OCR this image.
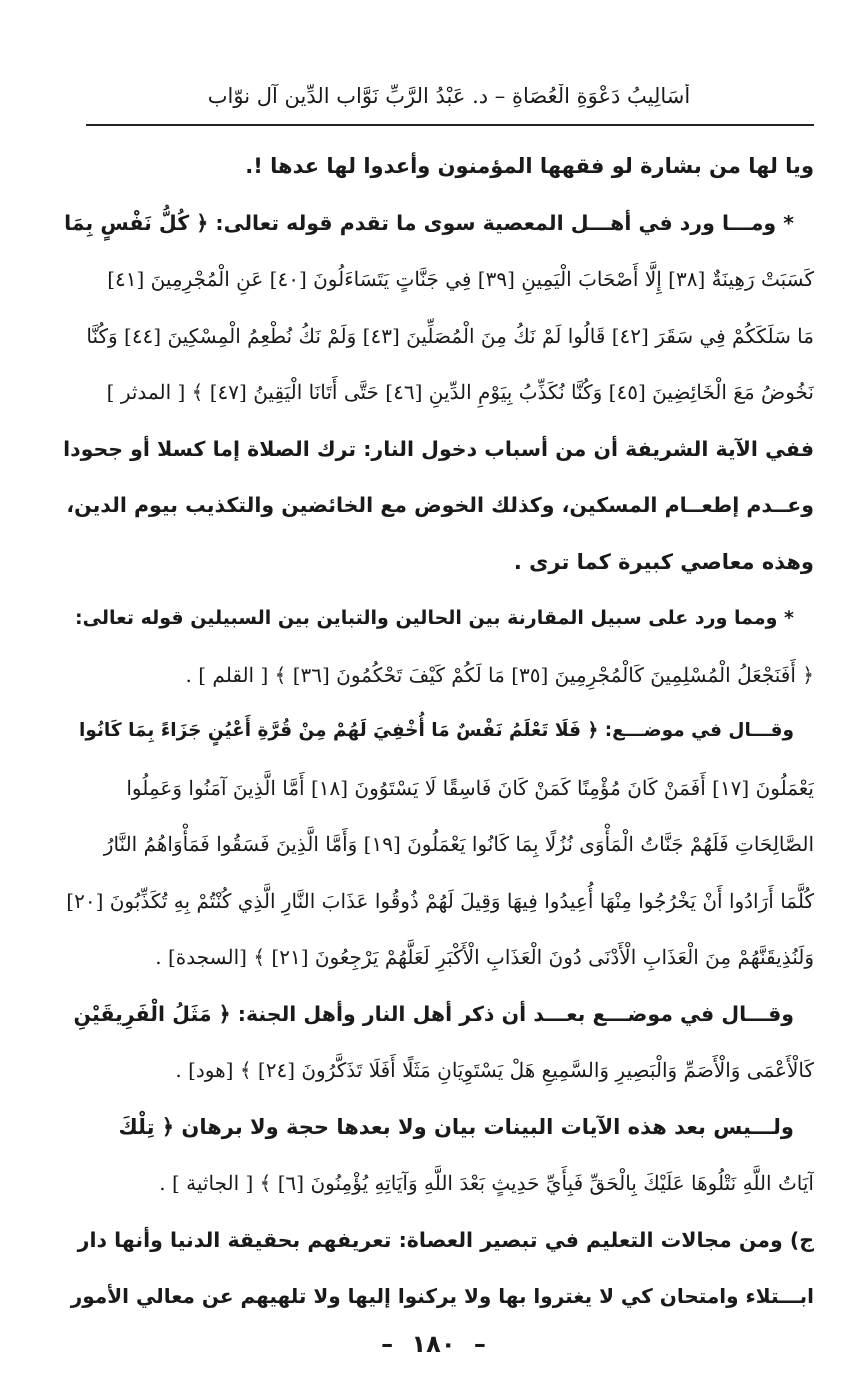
أَسَالِيبُ دَعْوَةِ الْعُصَاةِ – د. عَبْدُ الرَّبِّ نَوَّاب الدِّين آل نوّاب
ويا لها من بشارة لو فقهها المؤمنون وأعدوا لها عدها !.
* ومـــا ورد في أهـــل المعصية سوى ما تقدم قوله تعالى: ﴿ كُلُّ نَفْسٍ بِمَا
كَسَبَتْ رَهِينَةٌ [٣٨] إِلَّا أَصْحَابَ الْيَمِينِ [٣٩] فِي جَنَّاتٍ يَتَسَاءَلُونَ [٤٠] عَنِ الْمُجْرِمِينَ [٤١]
مَا سَلَكَكُمْ فِي سَقَرَ [٤٢] قَالُوا لَمْ نَكُ مِنَ الْمُصَلِّينَ [٤٣] وَلَمْ نَكُ نُطْعِمُ الْمِسْكِينَ [٤٤] وَكُنَّا
نَخُوضُ مَعَ الْخَائِضِينَ [٤٥] وَكُنَّا نُكَذِّبُ بِيَوْمِ الدِّينِ [٤٦] حَتَّى أَتَانَا الْيَقِينُ [٤٧] ﴾ [ المدثر ]
ففي الآية الشريفة أن من أسباب دخول النار: ترك الصلاة إما كسلا أو جحودا
وعــدم إطعــام المسكين، وكذلك الخوض مع الخائضين والتكذيب بيوم الدين،
وهذه معاصي كبيرة كما ترى .
* ومما ورد على سبيل المقارنة بين الحالين والتباين بين السبيلين قوله تعالى:
﴿ أَفَنَجْعَلُ الْمُسْلِمِينَ كَالْمُجْرِمِينَ [٣٥] مَا لَكُمْ كَيْفَ تَحْكُمُونَ [٣٦] ﴾ [ القلم ] .
وقـــال في موضـــع: ﴿ فَلَا تَعْلَمُ نَفْسٌ مَا أُخْفِيَ لَهُمْ مِنْ قُرَّةِ أَعْيُنٍ جَزَاءً بِمَا كَانُوا
يَعْمَلُونَ [١٧] أَفَمَنْ كَانَ مُؤْمِنًا كَمَنْ كَانَ فَاسِقًا لَا يَسْتَوُونَ [١٨] أَمَّا الَّذِينَ آمَنُوا وَعَمِلُوا
الصَّالِحَاتِ فَلَهُمْ جَنَّاتُ الْمَأْوَى نُزُلًا بِمَا كَانُوا يَعْمَلُونَ [١٩] وَأَمَّا الَّذِينَ فَسَقُوا فَمَأْوَاهُمُ النَّارُ
كُلَّمَا أَرَادُوا أَنْ يَخْرُجُوا مِنْهَا أُعِيدُوا فِيهَا وَقِيلَ لَهُمْ ذُوقُوا عَذَابَ النَّارِ الَّذِي كُنْتُمْ بِهِ تُكَذِّبُونَ [٢٠]
وَلَنُذِيقَنَّهُمْ مِنَ الْعَذَابِ الْأَدْنَى دُونَ الْعَذَابِ الْأَكْبَرِ لَعَلَّهُمْ يَرْجِعُونَ [٢١] ﴾ [السجدة] .
وقـــال في موضـــع بعـــد أن ذكر أهل النار وأهل الجنة: ﴿ مَثَلُ الْفَرِيقَيْنِ
كَالْأَعْمَى وَالْأَصَمِّ وَالْبَصِيرِ وَالسَّمِيعِ هَلْ يَسْتَوِيَانِ مَثَلًا أَفَلَا تَذَكَّرُونَ [٢٤] ﴾ [هود] .
ولـــيس بعد هذه الآيات البينات بيان ولا بعدها حجة ولا برهان ﴿ تِلْكَ
آيَاتُ اللَّهِ نَتْلُوهَا عَلَيْكَ بِالْحَقِّ فَبِأَيِّ حَدِيثٍ بَعْدَ اللَّهِ وَآيَاتِهِ يُؤْمِنُونَ [٦] ﴾ [ الجاثية ] .
ج) ومن مجالات التعليم في تبصير العصاة: تعريفهم بحقيقة الدنيا وأنها دار
ابـــتلاء وامتحان كي لا يغتروا بها ولا يركنوا إليها ولا تلهيهم عن معالي الأمور
– ١٨٠ –
